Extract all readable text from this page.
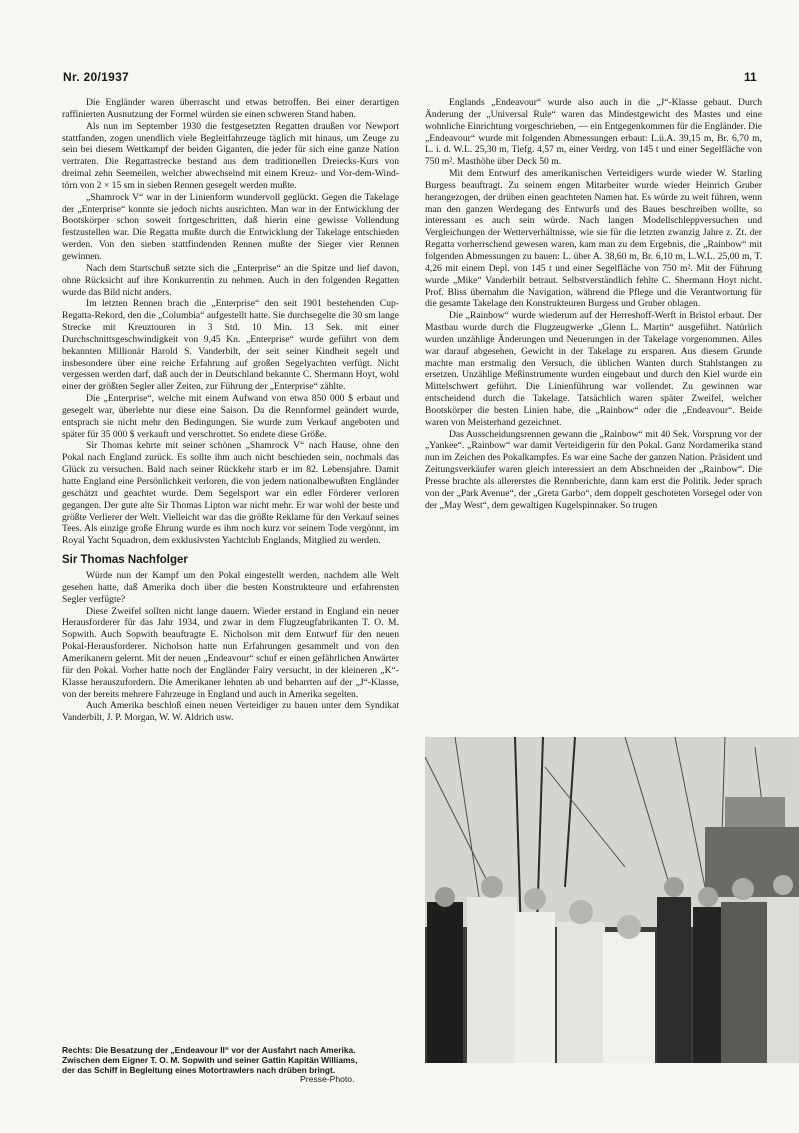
Nr. 20/1937	11

Die Engländer waren überrascht und etwas betroffen. Bei einer derartigen raffinierten Ausnutzung der Formel würden sie einen schweren Stand haben.

Als nun im September 1930 die festgesetzten Regatten draußen vor Newport stattfanden, zogen unendlich viele Begleitfahrzeuge täglich mit hinaus, um Zeuge zu sein bei diesem Wettkampf der beiden Giganten, die jeder für sich eine ganze Nation vertraten. Die Regattastrecke bestand aus dem traditionellen Dreiecks-Kurs von dreimal zehn Seemeilen, welcher abwechselnd mit einem Kreuz- und Vor-dem-Wind-törn von 2 × 15 sm in sieben Rennen gesegelt werden mußte.

„Shamrock V“ war in der Linienform wundervoll geglückt. Gegen die Takelage der „Enterprise“ konnte sie jedoch nichts ausrichten. Man war in der Entwicklung der Bootskörper schon soweit fortgeschritten, daß hierin eine gewisse Vollendung festzustellen war. Die Regatta mußte durch die Entwicklung der Takelage entschieden werden. Von den sieben stattfindenden Rennen mußte der Sieger vier Rennen gewinnen.

Nach dem Startschuß setzte sich die „Enterprise“ an die Spitze und lief davon, ohne Rücksicht auf ihre Konkurrentin zu nehmen. Auch in den folgenden Regatten wurde das Bild nicht anders.

Im letzten Rennen brach die „Enterprise“ den seit 1901 bestehenden Cup-Regatta-Rekord, den die „Columbia“ aufgestellt hatte. Sie durchsegelte die 30 sm lange Strecke mit Kreuztouren in 3 Std. 10 Min. 13 Sek. mit einer Durchschnittsgeschwindigkeit von 9,45 Kn. „Enterprise“ wurde geführt von dem bekannten Millionär Harold S. Vanderbilt, der seit seiner Kindheit segelt und insbesondere über eine reiche Erfahrung auf großen Segelyachten verfügt. Nicht vergessen werden darf, daß auch der in Deutschland bekannte C. Shermann Hoyt, wohl einer der größten Segler aller Zeiten, zur Führung der „Enterprise“ zählte.

Die „Enterprise“, welche mit einem Aufwand von etwa 850 000 $ erbaut und gesegelt war, überlebte nur diese eine Saison. Da die Rennformel geändert wurde, entsprach sie nicht mehr den Bedingungen. Sie wurde zum Verkauf angeboten und später für 35 000 $ verkauft und verschrottet. So endete diese Größe.

Sir Thomas kehrte mit seiner schönen „Shamrock V“ nach Hause, ohne den Pokal nach England zurück. Es sollte ihm auch nicht beschieden sein, nochmals das Glück zu versuchen. Bald nach seiner Rückkehr starb er im 82. Lebensjahre. Damit hatte England eine Persönlichkeit verloren, die von jedem nationalbewußten Engländer geschätzt und geachtet wurde. Dem Segelsport war ein edler Förderer verloren gegangen. Der gute alte Sir Thomas Lipton war nicht mehr. Er war wohl der beste und größte Verlierer der Welt. Vielleicht war das die größte Reklame für den Verkauf seines Tees. Als einzige große Ehrung wurde es ihm noch kurz vor seinem Tode vergönnt, im Royal Yacht Squadron, dem exklusivsten Yachtclub Englands, Mitglied zu werden.

Sir Thomas Nachfolger

Würde nun der Kampf um den Pokal eingestellt werden, nachdem alle Welt gesehen hatte, daß Amerika doch über die besten Konstrukteure und erfahrensten Segler verfügte?

Diese Zweifel sollten nicht lange dauern. Wieder erstand in England ein neuer Herausforderer für das Jahr 1934, und zwar in dem Flugzeugfabrikanten T. O. M. Sopwith. Auch Sopwith beauftragte E. Nicholson mit dem Entwurf für den neuen Pokal-Herausforderer. Nicholson hatte nun Erfahrungen gesammelt und von den Amerikanern gelernt. Mit der neuen „Endeavour“ schuf er einen gefährlichen Anwärter für den Pokal. Vorher hatte noch der Engländer Fairy versucht, in der kleineren „K“-Klasse herauszufordern. Die Amerikaner lehnten ab und beharrten auf der „J“-Klasse, von der bereits mehrere Fahrzeuge in England und auch in Amerika segelten.

Auch Amerika beschloß einen neuen Verteidiger zu bauen unter dem Syndikat Vanderbilt, J. P. Morgan, W. W. Aldrich usw.

Englands „Endeavour“ wurde also auch in die „J“-Klasse gebaut. Durch Änderung der „Universal Rule“ waren das Mindestgewicht des Mastes und eine wohnliche Einrichtung vorgeschrieben, — ein Entgegenkommen für die Engländer. Die „Endeavour“ wurde mit folgenden Abmessungen erbaut: L.ü.A. 39,15 m, Br. 6,70 m, L. i. d. W.L. 25,30 m, Tiefg. 4,57 m, einer Verdrg. von 145 t und einer Segelfläche von 750 m². Masthöhe über Deck 50 m.

Mit dem Entwurf des amerikanischen Verteidigers wurde wieder W. Starling Burgess beauftragt. Zu seinem engen Mitarbeiter wurde wieder Heinrich Gruber herangezogen, der drüben einen geachteten Namen hat. Es würde zu weit führen, wenn man den ganzen Werdegang des Entwurfs und des Baues beschreiben wollte, so interessant es auch sein würde. Nach langen Modellschleppversuchen und Vergleichungen der Wetterverhältnisse, wie sie für die letzten zwanzig Jahre z. Zt. der Regatta vorherrschend gewesen waren, kam man zu dem Ergebnis, die „Rainbow“ mit folgenden Abmessungen zu bauen: L. über A. 38,60 m, Br. 6,10 m, L.W.L. 25,00 m, T. 4,26 mit einem Depl. von 145 t und einer Segelfläche von 750 m². Mit der Führung wurde „Mike“ Vanderbilt betraut. Selbstverständlich fehlte C. Shermann Hoyt nicht. Prof. Bliss übernahm die Navigation, während die Pflege und die Verantwortung für die gesamte Takelage den Konstrukteuren Burgess und Gruber oblagen.

Die „Rainbow“ wurde wiederum auf der Herreshoff-Werft in Bristol erbaut. Der Mastbau wurde durch die Flugzeugwerke „Glenn L. Martin“ ausgeführt. Natürlich wurden unzählige Änderungen und Neuerungen in der Takelage vorgenommen. Alles war darauf abgesehen, Gewicht in der Takelage zu ersparen. Aus diesem Grunde machte man erstmalig den Versuch, die üblichen Wanten durch Stahlstangen zu ersetzen. Unzählige Meßinstrumente wurden eingebaut und durch den Kiel wurde ein Mittelschwert geführt. Die Linienführung war vollendet. Zu gewinnen war entscheidend durch die Takelage. Tatsächlich waren später Zweifel, welcher Bootskörper die besten Linien habe, die „Rainbow“ oder die „Endeavour“. Beide waren von Meisterhand gezeichnet.

Das Ausscheidungsrennen gewann die „Rainbow“ mit 40 Sek. Vorsprung vor der „Yankee“. „Rainbow“ war damit Verteidigerin für den Pokal. Ganz Nordamerika stand nun im Zeichen des Pokalkampfes. Es war eine Sache der ganzen Nation. Präsident und Zeitungsverkäufer waren gleich interessiert an dem Abschneiden der „Rainbow“. Die Presse brachte als allererstes die Rennberichte, dann kam erst die Politik. Jeder sprach von der „Park Avenue“, der „Greta Garbo“, dem doppelt geschoteten Vorsegel oder von der „May West“, dem gewaltigen Kugelspinnaker. So trugen

Rechts: Die Besatzung der „Endeavour II“ vor der Ausfahrt nach Amerika. Zwischen dem Eigner T. O. M. Sopwith und seiner Gattin Kapitän Williams, der das Schiff in Begleitung eines Motortrawlers nach drüben bringt.
Presse-Photo.
